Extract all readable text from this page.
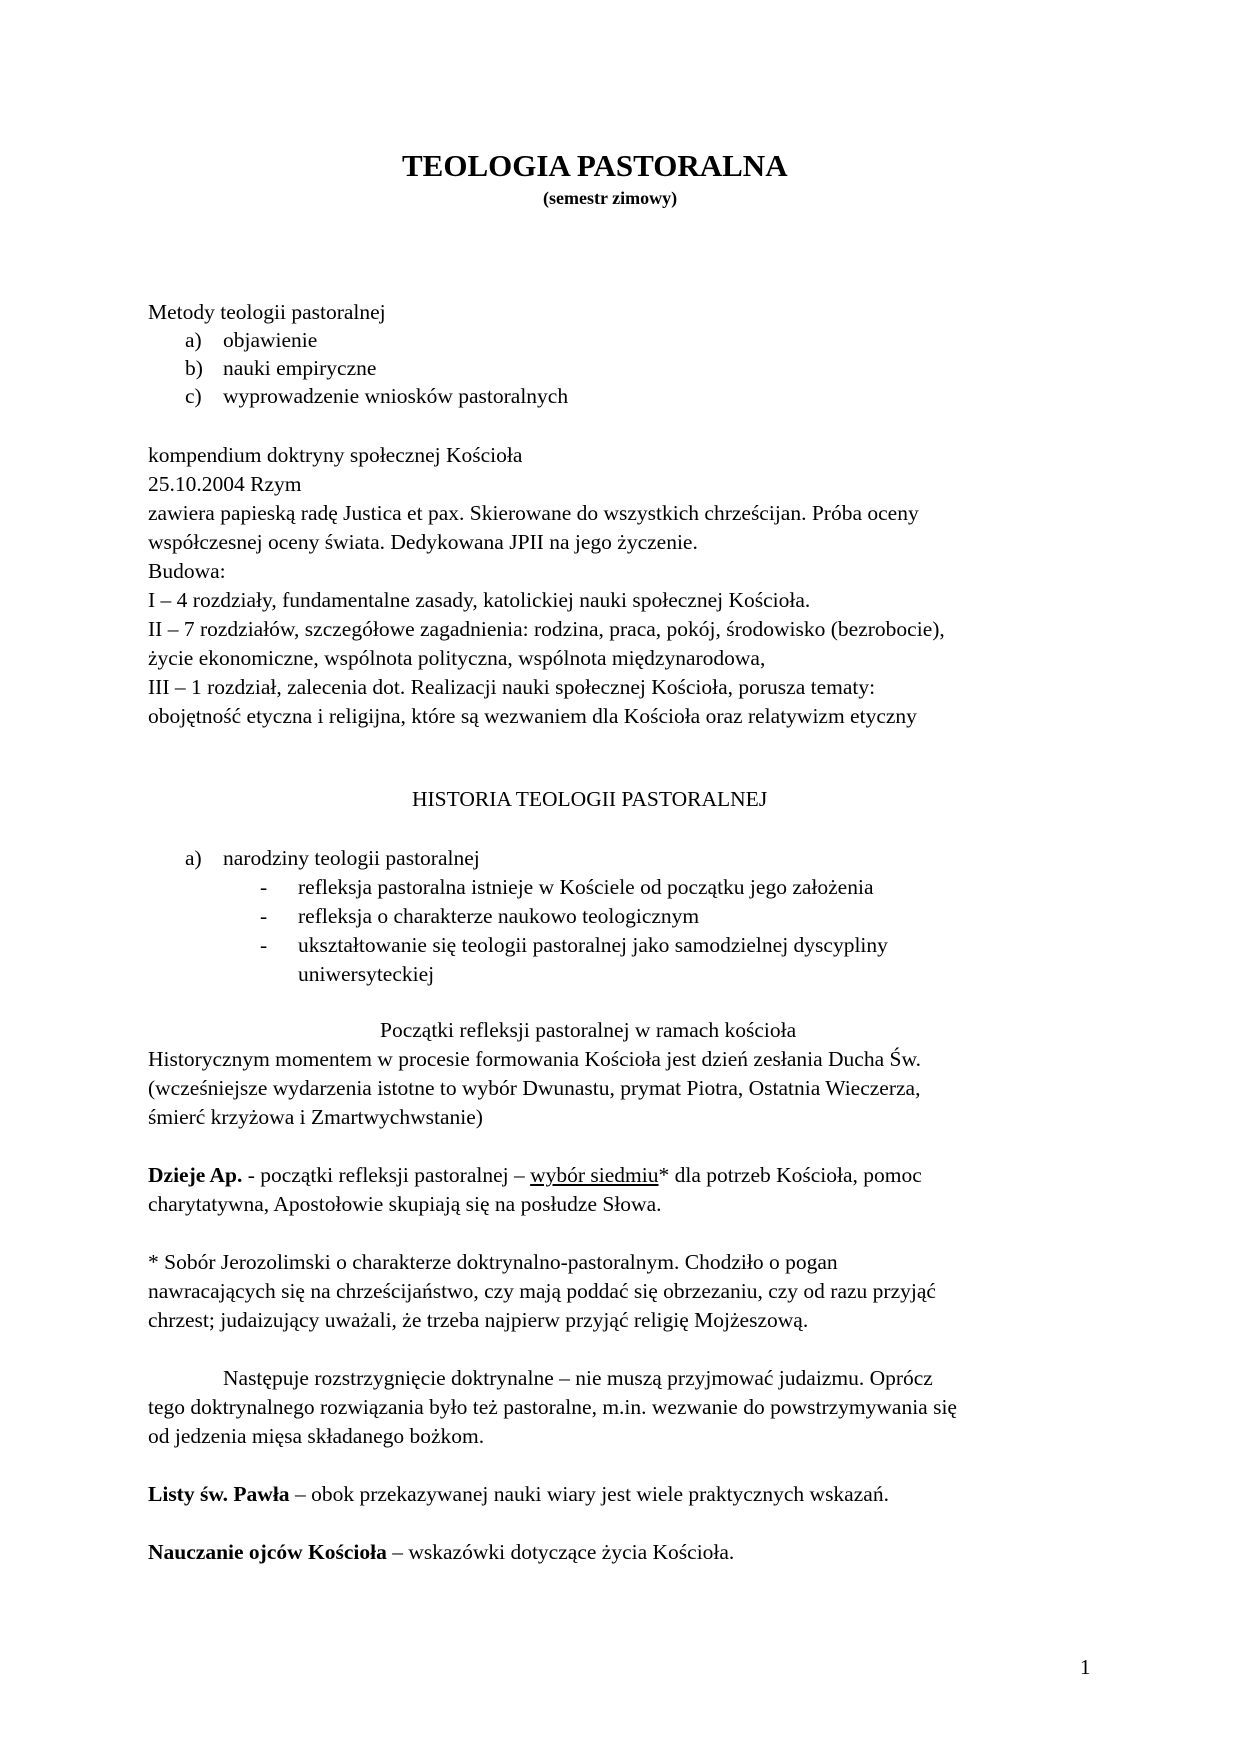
TEOLOGIA PASTORALNA
(semestr zimowy)
Metody teologii pastoralnej
a) objawienie
b) nauki empiryczne
c) wyprowadzenie wniosków pastoralnych
kompendium doktryny społecznej Kościoła
25.10.2004 Rzym
zawiera papieską radę Justica et pax. Skierowane do wszystkich chrześcijan. Próba oceny
współczesnej oceny świata. Dedykowana JPII na jego życzenie.
Budowa:
I – 4 rozdziały, fundamentalne zasady, katolickiej nauki społecznej Kościoła.
II – 7 rozdziałów, szczegółowe zagadnienia: rodzina, praca, pokój, środowisko (bezrobocie),
życie ekonomiczne, wspólnota polityczna, wspólnota międzynarodowa,
III – 1 rozdział, zalecenia dot. Realizacji nauki społecznej Kościoła, porusza tematy:
obojętność etyczna i religijna, które są wezwaniem dla Kościoła oraz relatywizm etyczny
HISTORIA TEOLOGII PASTORALNEJ
a) narodziny teologii pastoralnej
- refleksja pastoralna istnieje w Kościele od początku jego założenia
- refleksja o charakterze naukowo teologicznym
- ukształtowanie się teologii pastoralnej jako samodzielnej dyscypliny
uniwersyteckiej
Początki refleksji pastoralnej w ramach kościoła
Historycznym momentem w procesie formowania Kościoła jest dzień zesłania Ducha Św.
(wcześniejsze wydarzenia istotne to wybór Dwunastu, prymat Piotra, Ostatnia Wieczerza,
śmierć krzyżowa i Zmartwychwstanie)
Dzieje Ap. - początki refleksji pastoralnej – wybór siedmiu* dla potrzeb Kościoła, pomoc
charytatywna, Apostołowie skupiają się na posłudze Słowa.
* Sobór Jerozolimski o charakterze doktrynalno-pastoralnym. Chodziło o pogan
nawracających się na chrześcijaństwo, czy mają poddać się obrzezaniu, czy od razu przyjąć
chrzest; judaizujący uważali, że trzeba najpierw przyjąć religię Mojżeszową.
Następuje rozstrzygnięcie doktrynalne – nie muszą przyjmować judaizmu. Oprócz
tego doktrynalnego rozwiązania było też pastoralne, m.in. wezwanie do powstrzymywania się
od jedzenia mięsa składanego bożkom.
Listy św. Pawła – obok przekazywanej nauki wiary jest wiele praktycznych wskazań.
Nauczanie ojców Kościoła – wskazówki dotyczące życia Kościoła.
1
